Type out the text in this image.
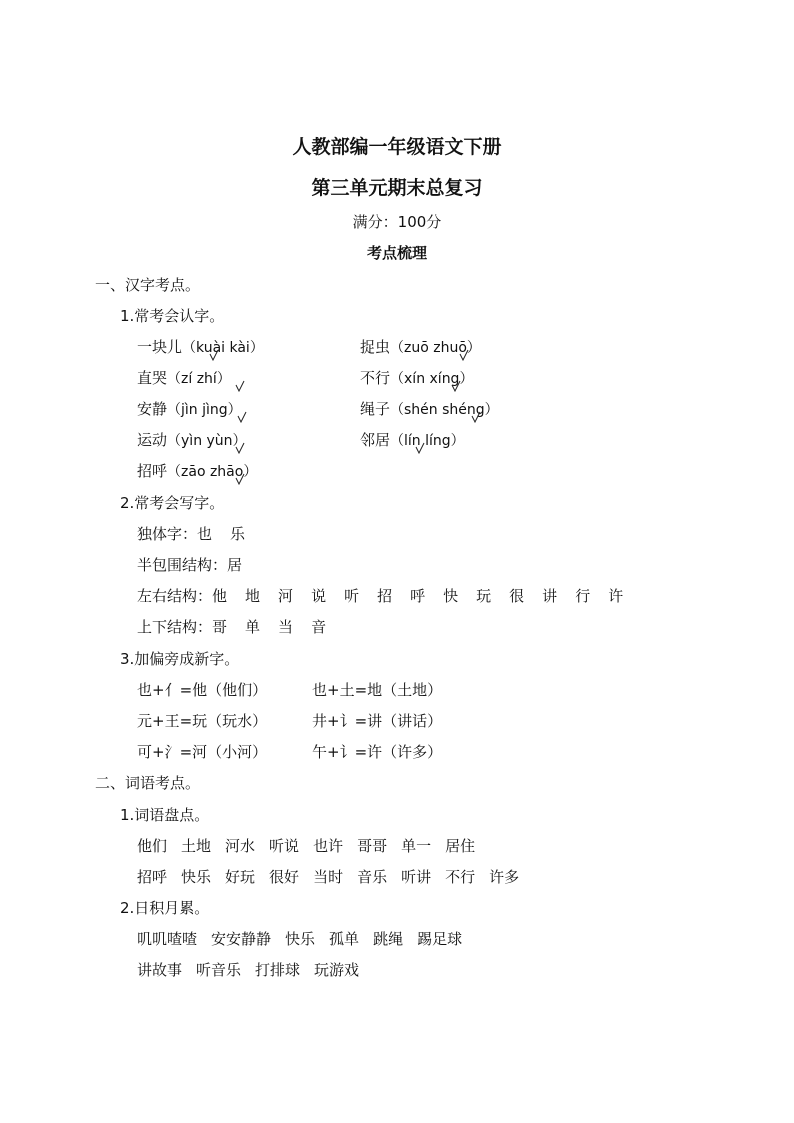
人教部编一年级语文下册
第三单元期末总复习
满分：100分
考点梳理
一、汉字考点。
1.常考会认字。
一块儿（kuài kài）	捉虫（zuō zhuō）
直哭（zí zhí）	不行（xín xíng）
安静（jìn jìng）	绳子（shén shéng）
运动（yìn yùn）	邻居（lín líng）
招呼（zāo zhāo）
2.常考会写字。
独体字：也 乐
半包围结构：居
左右结构：他 地 河 说 听 招 呼 快 玩 很 讲 行 许
上下结构：哥 单 当 音
3.加偏旁成新字。
也+亻=他（他们）	也+土=地（土地）
元+王=玩（玩水）	井+讠=讲（讲话）
可+氵=河（小河）	午+讠=许（许多）
二、词语考点。
1.词语盘点。
他们 土地 河水 听说 也许 哥哥 单一 居住
招呼 快乐 好玩 很好 当时 音乐 听讲 不行 许多
2.日积月累。
叽叽喳喳 安安静静 快乐 孤单 跳绳 踢足球
讲故事 听音乐 打排球 玩游戏
